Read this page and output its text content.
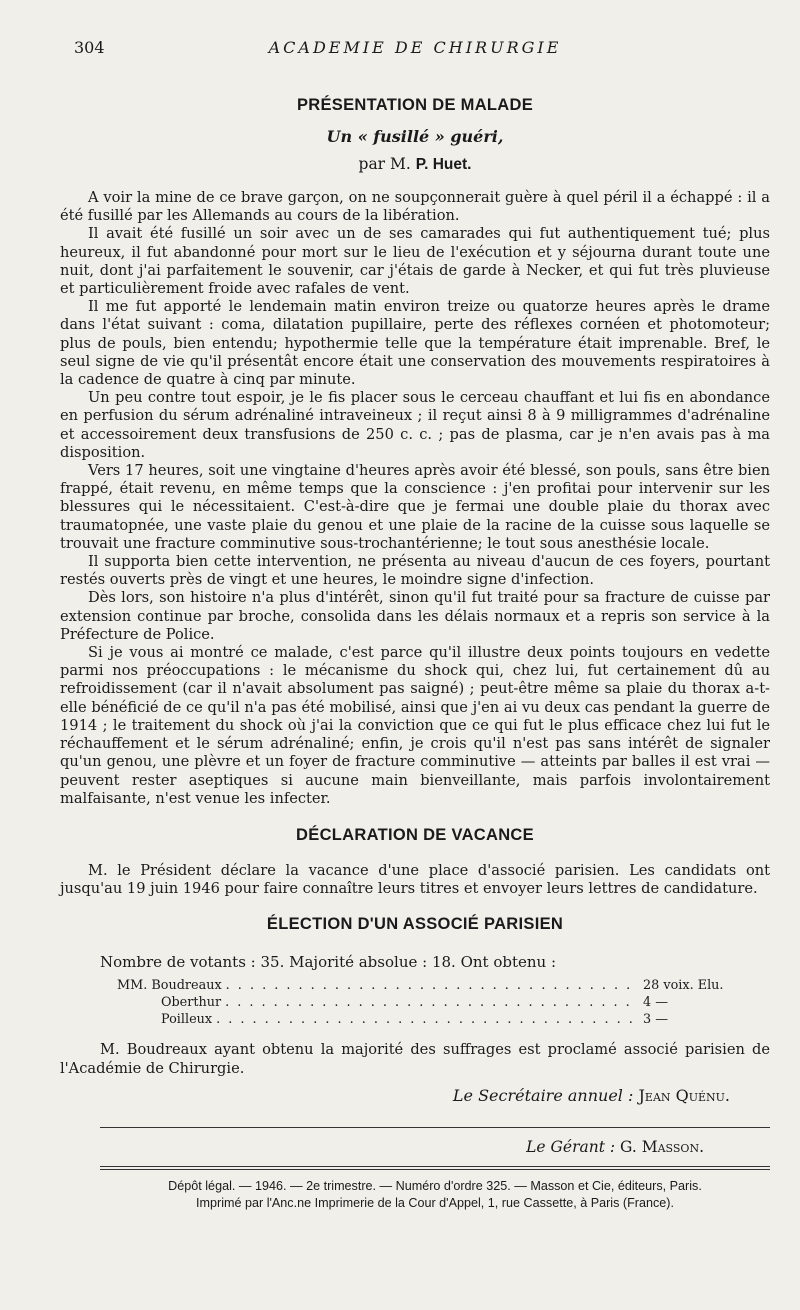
304	ACADEMIE DE CHIRURGIE
PRÉSENTATION DE MALADE
Un « fusillé » guéri,
par M. P. Huet.

A voir la mine de ce brave garçon, on ne soupçonnerait guère à quel péril il a échappé : il a été fusillé par les Allemands au cours de la libération.

Il avait été fusillé un soir avec un de ses camarades qui fut authentiquement tué; plus heureux, il fut abandonné pour mort sur le lieu de l'exécution et y séjourna durant toute une nuit, dont j'ai parfaitement le souvenir, car j'étais de garde à Necker, et qui fut très pluvieuse et particulièrement froide avec rafales de vent.

Il me fut apporté le lendemain matin environ treize ou quatorze heures après le drame dans l'état suivant : coma, dilatation pupillaire, perte des réflexes cornéen et photomoteur; plus de pouls, bien entendu; hypothermie telle que la température était imprenable. Bref, le seul signe de vie qu'il présentât encore était une conservation des mouvements respiratoires à la cadence de quatre à cinq par minute.

Un peu contre tout espoir, je le fis placer sous le cerceau chauffant et lui fis en abondance en perfusion du sérum adrénaliné intraveineux ; il reçut ainsi 8 à 9 milligrammes d'adrénaline et accessoirement deux transfusions de 250 c. c. ; pas de plasma, car je n'en avais pas à ma disposition.

Vers 17 heures, soit une vingtaine d'heures après avoir été blessé, son pouls, sans être bien frappé, était revenu, en même temps que la conscience : j'en profitai pour intervenir sur les blessures qui le nécessitaient. C'est-à-dire que je fermai une double plaie du thorax avec traumatopnée, une vaste plaie du genou et une plaie de la racine de la cuisse sous laquelle se trouvait une fracture comminutive sous-trochantérienne; le tout sous anesthésie locale.

Il supporta bien cette intervention, ne présenta au niveau d'aucun de ces foyers, pourtant restés ouverts près de vingt et une heures, le moindre signe d'infection.

Dès lors, son histoire n'a plus d'intérêt, sinon qu'il fut traité pour sa fracture de cuisse par extension continue par broche, consolida dans les délais normaux et a repris son service à la Préfecture de Police.

Si je vous ai montré ce malade, c'est parce qu'il illustre deux points toujours en vedette parmi nos préoccupations : le mécanisme du shock qui, chez lui, fut certainement dû au refroidissement (car il n'avait absolument pas saigné) ; peut-être même sa plaie du thorax a-t-elle bénéficié de ce qu'il n'a pas été mobilisé, ainsi que j'en ai vu deux cas pendant la guerre de 1914 ; le traitement du shock où j'ai la conviction que ce qui fut le plus efficace chez lui fut le réchauffement et le sérum adrénaliné; enfin, je crois qu'il n'est pas sans intérêt de signaler qu'un genou, une plèvre et un foyer de fracture comminutive — atteints par balles il est vrai — peuvent rester aseptiques si aucune main bienveillante, mais parfois involontairement malfaisante, n'est venue les infecter.

DÉCLARATION DE VACANCE

M. le Président déclare la vacance d'une place d'associé parisien. Les candidats ont jusqu'au 19 juin 1946 pour faire connaître leurs titres et envoyer leurs lettres de candidature.

ÉLECTION D'UN ASSOCIÉ PARISIEN
Nombre de votants : 35. Majorité absolue : 18. Ont obtenu :
MM. Boudreaux . . .	28 voix. Elu.
Oberthur . . .	4 —
Poilleux . . .	3 —

M. Boudreaux ayant obtenu la majorité des suffrages est proclamé associé parisien de l'Académie de Chirurgie.

Le Secrétaire annuel : Jean Quénu.
Le Gérant : G. Masson.
Dépôt légal. — 1946. — 2e trimestre. — Numéro d'ordre 325. — Masson et Cie, éditeurs, Paris.
Imprimé par l'Anc.ne Imprimerie de la Cour d'Appel, 1, rue Cassette, à Paris (France).
